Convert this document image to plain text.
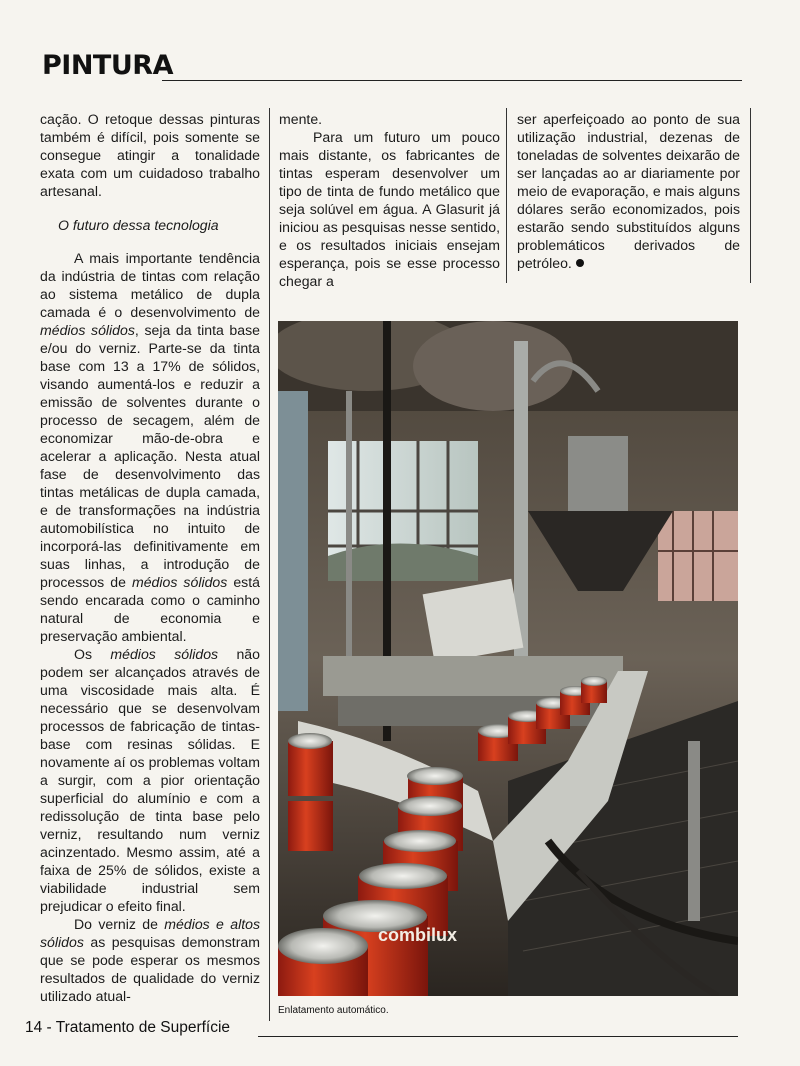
PINTURA

cação. O retoque dessas pinturas também é difícil, pois somente se consegue atingir a tonalidade exata com um cuidadoso trabalho artesanal.

O futuro dessa tecnologia

A mais importante tendência da indústria de tintas com relação ao sistema metálico de dupla camada é o desenvolvimento de médios sólidos, seja da tinta base e/ou do verniz. Parte-se da tinta base com 13 a 17% de sólidos, visando aumentá-los e reduzir a emissão de solventes durante o processo de secagem, além de economizar mão-de-obra e acelerar a aplicação. Nesta atual fase de desenvolvimento das tintas metálicas de dupla camada, e de transformações na indústria automobilística no intuito de incorporá-las definitivamente em suas linhas, a introdução de processos de médios sólidos está sendo encarada como o caminho natural de economia e preservação ambiental.

Os médios sólidos não podem ser alcançados através de uma viscosidade mais alta. É necessário que se desenvolvam processos de fabricação de tintas-base com resinas sólidas. E novamente aí os problemas voltam a surgir, com a pior orientação superficial do alumínio e com a redissolução de tinta base pelo verniz, resultando num verniz acinzentado. Mesmo assim, até a faixa de 25% de sólidos, existe a viabilidade industrial sem prejudicar o efeito final.

Do verniz de médios e altos sólidos as pesquisas demonstram que se pode esperar os mesmos resultados de qualidade do verniz utilizado atual-

mente.

Para um futuro um pouco mais distante, os fabricantes de tintas esperam desenvolver um tipo de tinta de fundo metálico que seja solúvel em água. A Glasurit já iniciou as pesquisas nesse sentido, e os resultados iniciais ensejam esperança, pois se esse processo chegar a

ser aperfeiçoado ao ponto de sua utilização industrial, dezenas de toneladas de solventes deixarão de ser lançadas ao ar diariamente por meio de evaporação, e mais alguns dólares serão economizados, pois estarão sendo substituídos alguns problemáticos derivados de petróleo.

combilux
Enlatamento automático.
14 - Tratamento de Superfície
